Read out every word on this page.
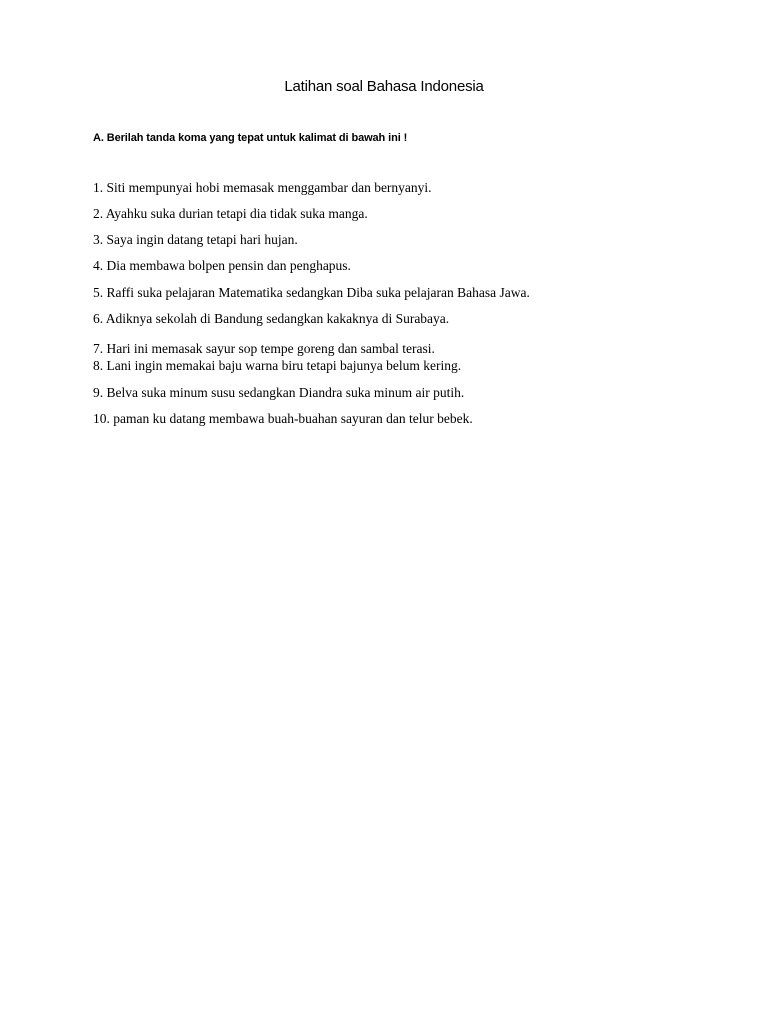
Latihan soal Bahasa Indonesia
A. Berilah tanda koma yang tepat untuk kalimat di bawah ini !
1. Siti mempunyai hobi memasak menggambar dan bernyanyi.
2. Ayahku suka durian tetapi dia tidak suka manga.
3. Saya ingin datang tetapi hari hujan.
4. Dia membawa bolpen pensin dan penghapus.
5. Raffi suka pelajaran Matematika sedangkan Diba suka pelajaran Bahasa Jawa.
6. Adiknya sekolah di Bandung sedangkan kakaknya di Surabaya.
7. Hari ini memasak sayur sop tempe goreng dan sambal terasi.
8. Lani ingin memakai baju warna biru tetapi bajunya belum kering.
9. Belva suka minum susu sedangkan Diandra suka minum air putih.
10. paman ku datang membawa buah-buahan sayuran dan telur bebek.
